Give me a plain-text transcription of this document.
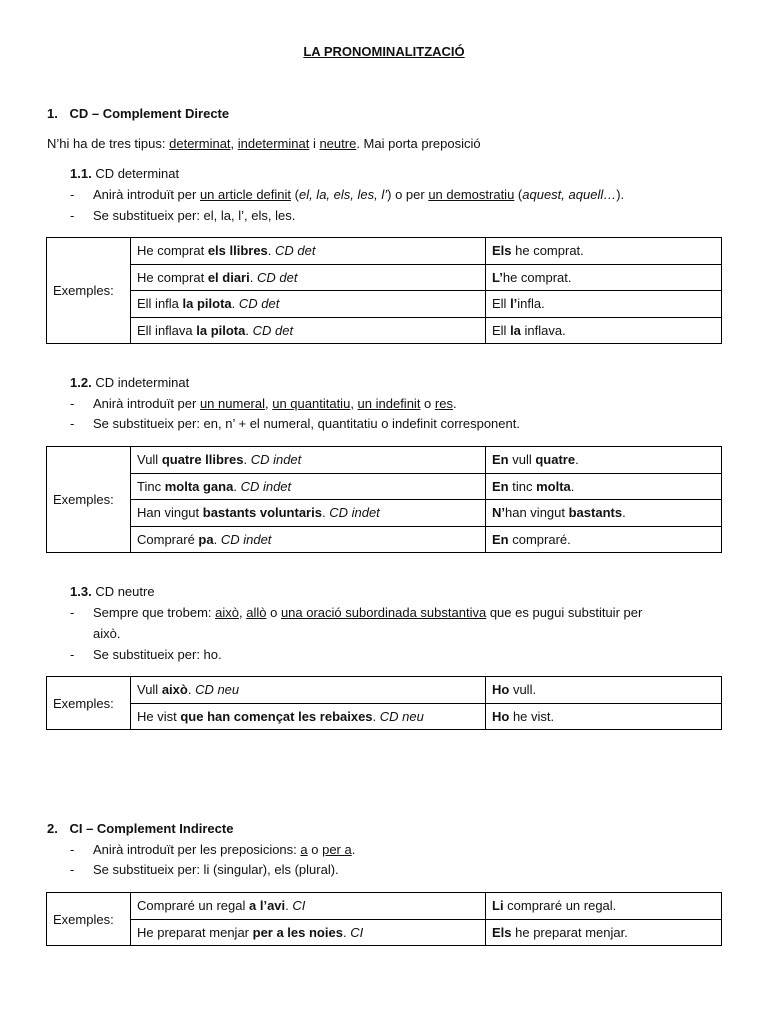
LA PRONOMINALITZACIÓ
1. CD – Complement Directe
N’hi ha de tres tipus: determinat, indeterminat i neutre. Mai porta preposició
1.1. CD determinat
- Anirà introduït per un article definit (el, la, els, les, l’) o per un demostratiu (aquest, aquell…).
- Se substitueix per: el, la, l’, els, les.
Exemples:	He comprat els llibres. CD det	Els he comprat.
	He comprat el diari. CD det	L’he comprat.
	Ell infla la pilota. CD det	Ell l’infla.
	Ell inflava la pilota. CD det	Ell la inflava.
1.2. CD indeterminat
- Anirà introduït per un numeral, un quantitatiu, un indefinit o res.
- Se substitueix per: en, n’ + el numeral, quantitatiu o indefinit corresponent.
Exemples:	Vull quatre llibres. CD indet	En vull quatre.
	Tinc molta gana. CD indet	En tinc molta.
	Han vingut bastants voluntaris. CD indet	N’han vingut bastants.
	Compraré pa. CD indet	En compraré.
1.3. CD neutre
- Sempre que trobem: això, allò o una oració subordinada substantiva que es pugui substituir per
això.
- Se substitueix per: ho.
Exemples:	Vull això. CD neu	Ho vull.
	He vist que han començat les rebaixes. CD neu	Ho he vist.
2. CI – Complement Indirecte
- Anirà introduït per les preposicions: a o per a.
- Se substitueix per: li (singular), els (plural).
Exemples:	Compraré un regal a l’avi. CI	Li compraré un regal.
	He preparat menjar per a les noies. CI	Els he preparat menjar.
